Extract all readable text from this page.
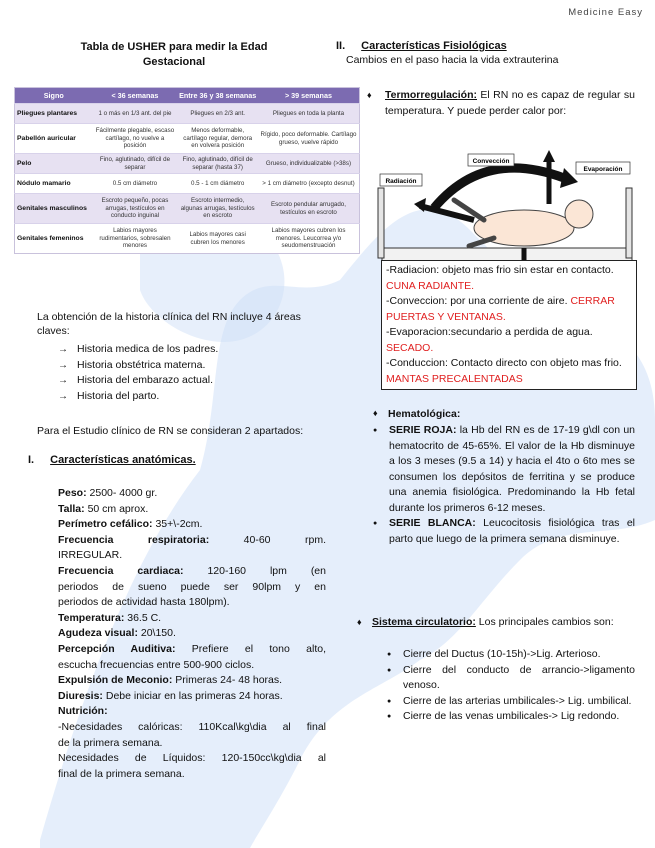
Medicine Easy
Tabla de USHER para medir la Edad
Gestacional
Signo	< 36 semanas	Entre 36 y 38 semanas	> 39 semanas
Pliegues plantares	1 o más en 1/3 ant. del pie	Pliegues en 2/3 ant.	Pliegues en toda la planta
Pabellón auricular	Fácilmente plegable, escaso cartílago, no vuelve a posición	Menos deformable, cartílago regular, demora en volvera posición	Rígido, poco deformable. Cartílago grueso, vuelve rápido
Pelo	Fino, aglutinado, difícil de separar	Fino, aglutinado, difícil de separar (hasta 37)	Grueso, individualizable (>38s)
Nódulo mamario	0.5 cm diámetro	0.5 - 1 cm diámetro	> 1 cm diámetro (excepto desnut)
Genitales masculinos	Escroto pequeño, pocas arrugas, testículos en conducto inguinal	Escroto intermedio, algunas arrugas, testículos en escroto	Escroto pendular arrugado, testículos en escroto
Genitales femeninos	Labios mayores rudimentarios, sobresalen menores	Labios mayores casi cubren los menores	Labios mayores cubren los menores. Leucorrea y/o seudomenstruación

La obtención de la historia clínica del RN incluye 4 áreas claves:

→ Historia medica de los padres.
→ Historia obstétrica materna.
→ Historia del embarazo actual.
→ Historia del parto.

Para el Estudio clínico de RN se consideran 2 apartados:

I. Características anatómicas.
Peso: 2500- 4000 gr.
Talla: 50 cm aprox.
Perímetro cefálico: 35+\-2cm.
Frecuencia respiratoria:	40-60 rpm.
IRREGULAR.
Frecuencia cardiaca: 120-160 lpm (en
periodos de sueno puede ser 90lpm y en
periodos de actividad hasta 180lpm).
Temperatura: 36.5 C.
Agudeza visual: 20\150.
Percepción Auditiva: Prefiere el tono alto,
escucha frecuencias entre 500-900 ciclos.
Expulsión de Meconio: Primeras 24- 48 horas.
Diuresis: Debe iniciar en las primeras 24 horas.
Nutrición:
-Necesidades calóricas: 110Kcal\kg\dia al final
de la primera semana.
Necesidades de Líquidos: 120-150cc\kg\dia al
final de la primera semana.
II. Características Fisiológicas
Cambios en el paso hacia la vida extrauterina
♦ Termorregulación: El RN no es capaz de regular su temperatura. Y puede perder calor por:
Radiación
Convección
Evaporación
-Radiacion: objeto mas frio sin estar en contacto. CUNA RADIANTE.
-Conveccion: por una corriente de aire. CERRAR PUERTAS Y VENTANAS.
-Evaporacion:secundario a perdida de agua. SECADO.
-Conduccion: Contacto directo con objeto mas frio. MANTAS PRECALENTADAS
♦ Hematológica:
● SERIE ROJA: la Hb del RN es de 17-19 g\dl con un hematocrito de 45-65%. El valor de la Hb disminuye a los 3 meses (9.5 a 14) y hacia el 4to o 6to mes se consumen los depósitos de ferritina y se produce una anemia fisiológica. Predominando la Hb fetal durante los primeros 6-12 meses.
● SERIE BLANCA: Leucocitosis fisiológica tras el parto que luego de la primera semana disminuye.
♦ Sistema circulatorio: Los principales cambios son:
● Cierre del Ductus (10-15h)->Lig. Arterioso.
● Cierre del conducto de arrancio->ligamento venoso.
● Cierre de las arterias umbilicales-> Lig. umbilical.
● Cierre de las venas umbilicales-> Lig redondo.
